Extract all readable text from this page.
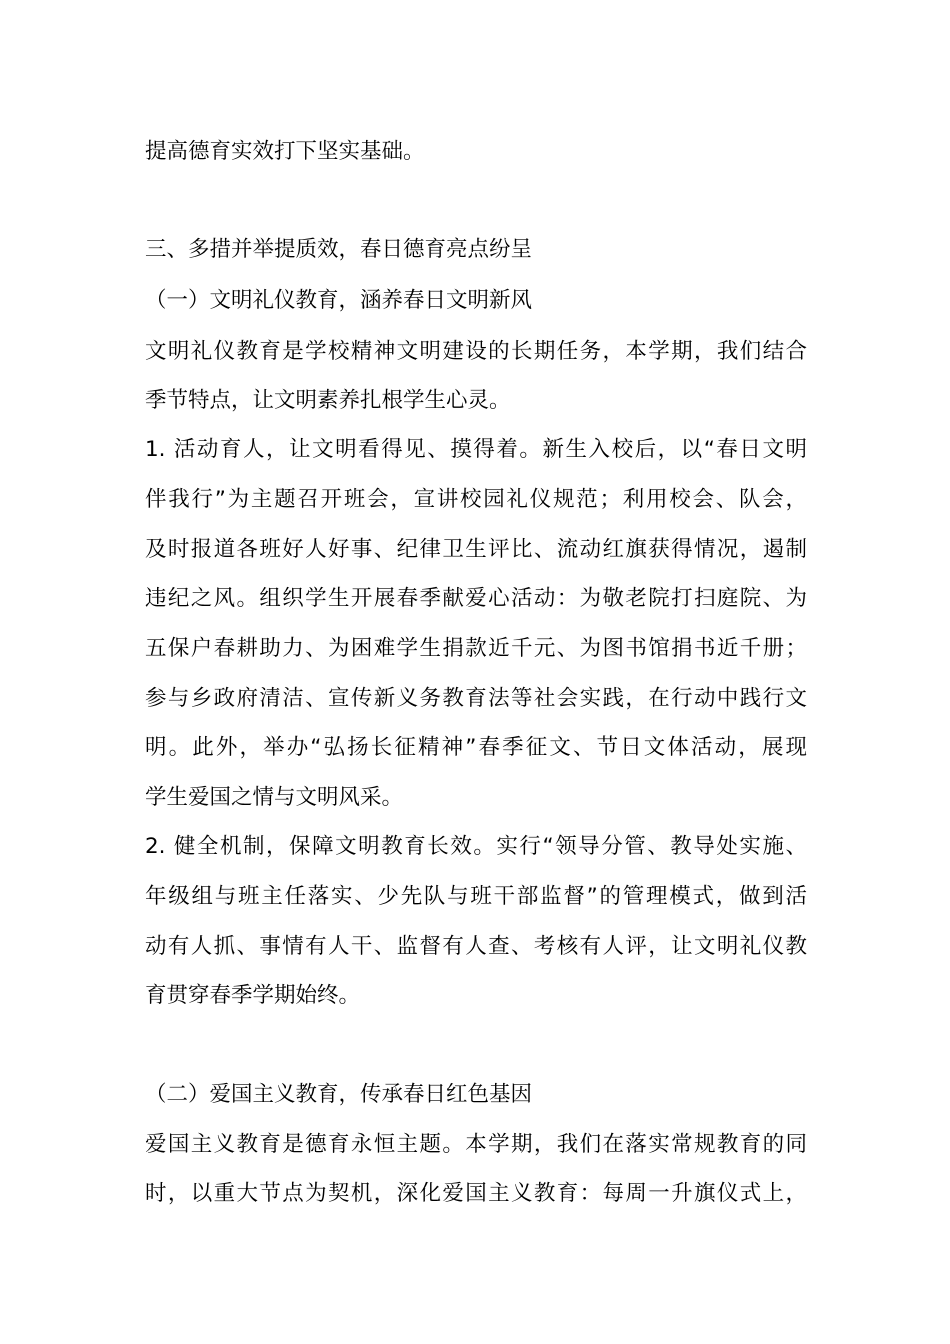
提高德育实效打下坚实基础。

三、多措并举提质效，春日德育亮点纷呈

（一）文明礼仪教育，涵养春日文明新风

文明礼仪教育是学校精神文明建设的长期任务，本学期，我们结合

季节特点，让文明素养扎根学生心灵。

1. 活动育人，让文明看得见、摸得着。新生入校后，以“春日文明

伴我行”为主题召开班会，宣讲校园礼仪规范；利用校会、队会，

及时报道各班好人好事、纪律卫生评比、流动红旗获得情况，遏制

违纪之风。组织学生开展春季献爱心活动：为敬老院打扫庭院、为

五保户春耕助力、为困难学生捐款近千元、为图书馆捐书近千册；

参与乡政府清洁、宣传新义务教育法等社会实践，在行动中践行文

明。此外，举办“弘扬长征精神”春季征文、节日文体活动，展现

学生爱国之情与文明风采。

2. 健全机制，保障文明教育长效。实行“领导分管、教导处实施、

年级组与班主任落实、少先队与班干部监督”的管理模式，做到活

动有人抓、事情有人干、监督有人查、考核有人评，让文明礼仪教

育贯穿春季学期始终。

（二）爱国主义教育，传承春日红色基因

爱国主义教育是德育永恒主题。本学期，我们在落实常规教育的同

时，以重大节点为契机，深化爱国主义教育：每周一升旗仪式上，
